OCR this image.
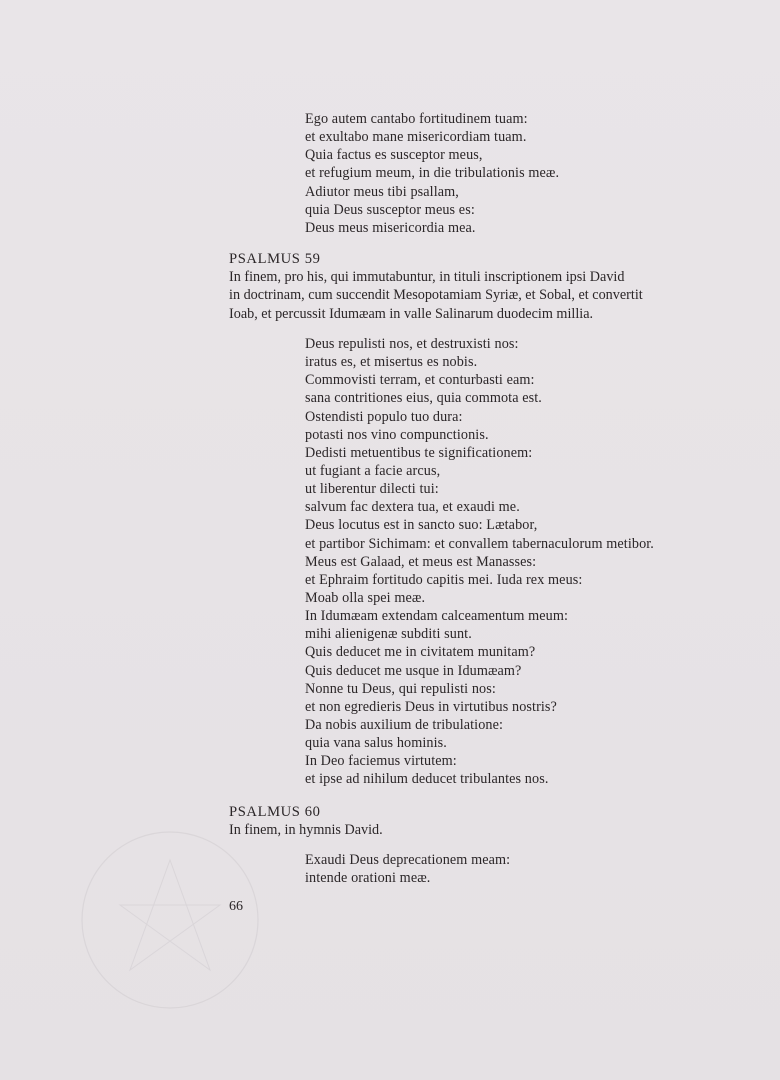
Ego autem cantabo fortitudinem tuam:
et exultabo mane misericordiam tuam.
Quia factus es susceptor meus,
et refugium meum, in die tribulationis meæ.
Adiutor meus tibi psallam,
quia Deus susceptor meus es:
Deus meus misericordia mea.
PSALMUS 59
In finem, pro his, qui immutabuntur, in tituli inscriptionem ipsi David
in doctrinam, cum succendit Mesopotamiam Syriæ, et Sobal, et convertit
Ioab, et percussit Idumæam in valle Salinarum duodecim millia.
Deus repulisti nos, et destruxisti nos:
iratus es, et misertus es nobis.
Commovisti terram, et conturbasti eam:
sana contritiones eius, quia commota est.
Ostendisti populo tuo dura:
potasti nos vino compunctionis.
Dedisti metuentibus te significationem:
ut fugiant a facie arcus,
ut liberentur dilecti tui:
salvum fac dextera tua, et exaudi me.
Deus locutus est in sancto suo: Lætabor,
et partibor Sichimam: et convallem tabernaculorum metibor.
Meus est Galaad, et meus est Manasses:
et Ephraim fortitudo capitis mei. Iuda rex meus:
Moab olla spei meæ.
In Idumæam extendam calceamentum meum:
mihi alienigenæ subditi sunt.
Quis deducet me in civitatem munitam?
Quis deducet me usque in Idumæam?
Nonne tu Deus, qui repulisti nos:
et non egredieris Deus in virtutibus nostris?
Da nobis auxilium de tribulatione:
quia vana salus hominis.
In Deo faciemus virtutem:
et ipse ad nihilum deducet tribulantes nos.
PSALMUS 60
In finem, in hymnis David.
Exaudi Deus deprecationem meam:
intende orationi meæ.
66
